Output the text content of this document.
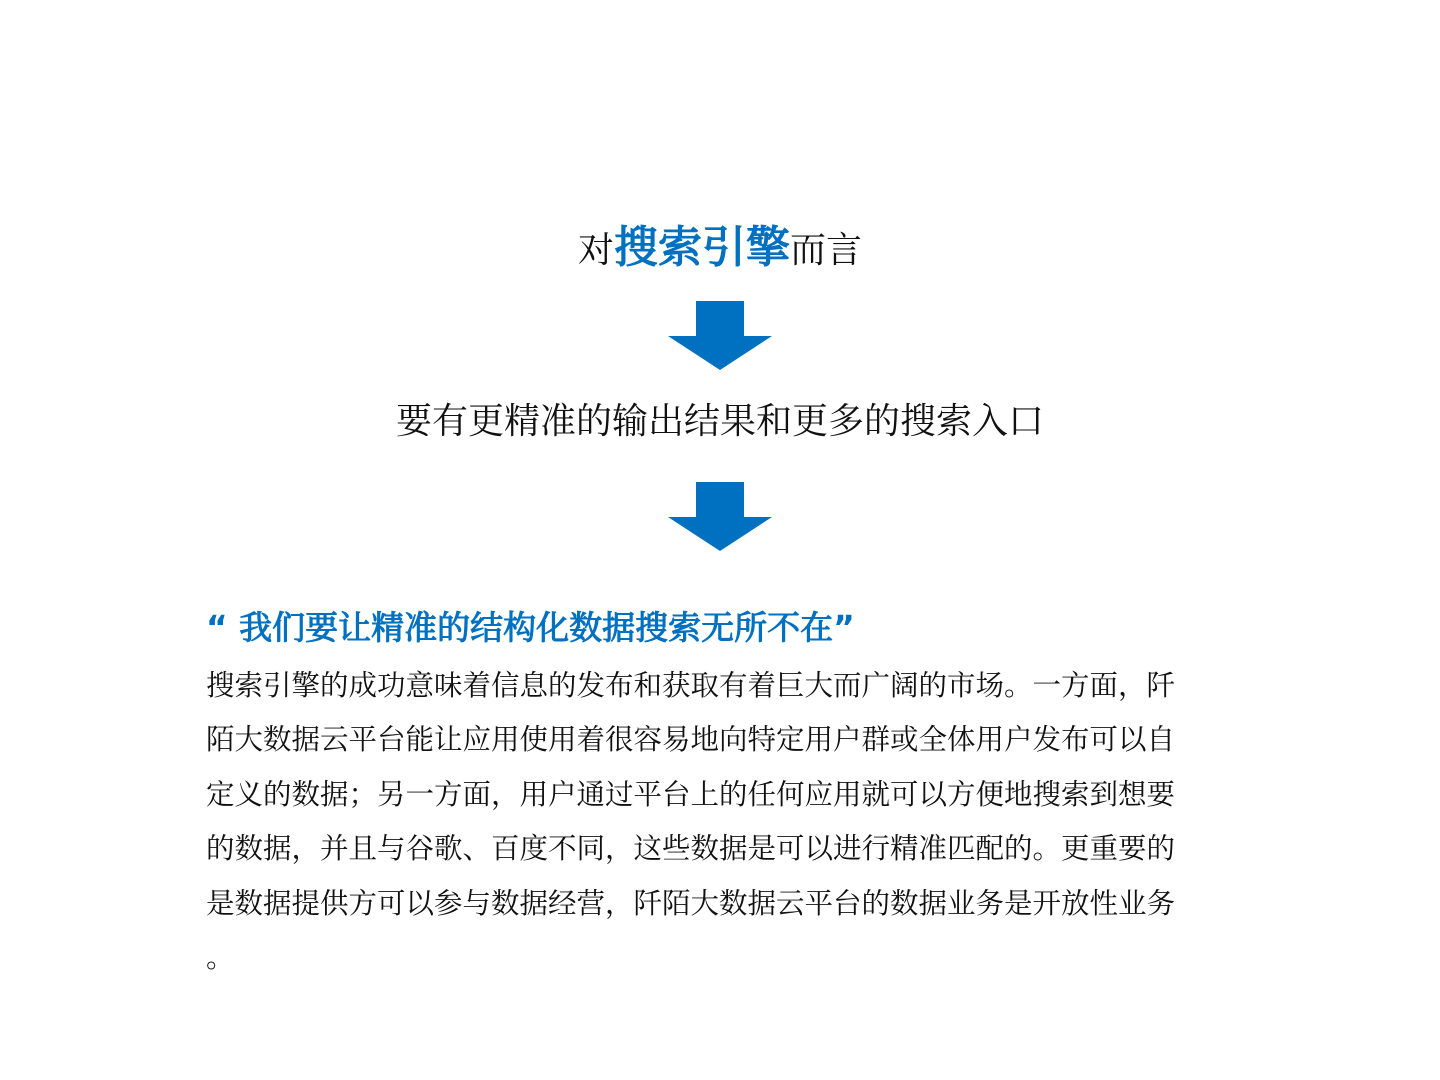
对搜索引擎而言
要有更精准的输出结果和更多的搜索入口
“ 我们要让精准的结构化数据搜索无所不在”

搜索引擎的成功意味着信息的发布和获取有着巨大而广阔的市场。一方面，阡
陌大数据云平台能让应用使用着很容易地向特定用户群或全体用户发布可以自
定义的数据；另一方面，用户通过平台上的任何应用就可以方便地搜索到想要
的数据，并且与谷歌、百度不同，这些数据是可以进行精准匹配的。更重要的
是数据提供方可以参与数据经营，阡陌大数据云平台的数据业务是开放性业务
。
